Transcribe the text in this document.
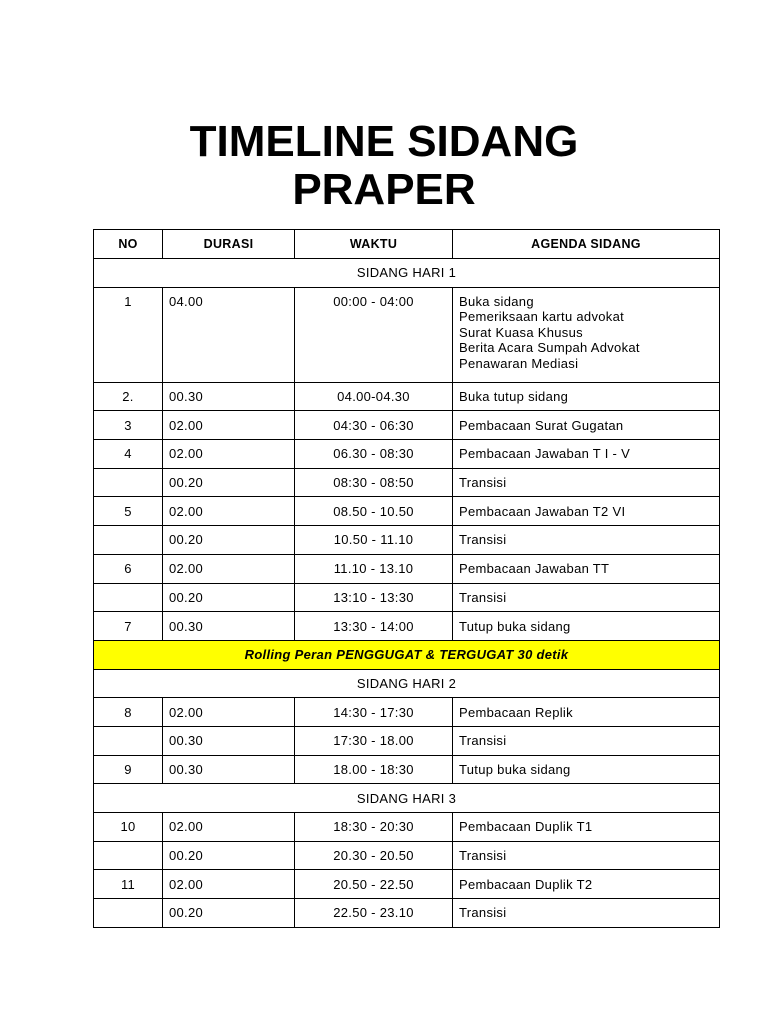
TIMELINE SIDANG
PRAPER
NO	DURASI	WAKTU	AGENDA SIDANG
SIDANG HARI 1			
1	04.00	00:00 - 04:00	Buka sidang
Pemeriksaan kartu advokat
Surat Kuasa Khusus
Berita Acara Sumpah Advokat
Penawaran Mediasi

2.	00.30	04.00-04.30	Buka tutup sidang
3	02.00	04:30 - 06:30	Pembacaan Surat Gugatan
4	02.00	06.30 - 08:30	Pembacaan Jawaban T I - V
	00.20	08:30 - 08:50	Transisi
5	02.00	08.50 - 10.50	Pembacaan Jawaban T2 VI
	00.20	10.50 - 11.10	Transisi
6	02.00	11.10 - 13.10	Pembacaan Jawaban TT
	00.20	13:10 - 13:30	Transisi
7	00.30	13:30 - 14:00	Tutup buka sidang
Rolling Peran PENGGUGAT & TERGUGAT 30 detik			
SIDANG HARI 2			
8	02.00	14:30 - 17:30	Pembacaan Replik
	00.30	17:30 - 18.00	Transisi
9	00.30	18.00 - 18:30	Tutup buka sidang
SIDANG HARI 3			
10	02.00	18:30 - 20:30	Pembacaan Duplik T1
	00.20	20.30 - 20.50	Transisi
11	02.00	20.50 - 22.50	Pembacaan Duplik T2
	00.20	22.50 - 23.10	Transisi
